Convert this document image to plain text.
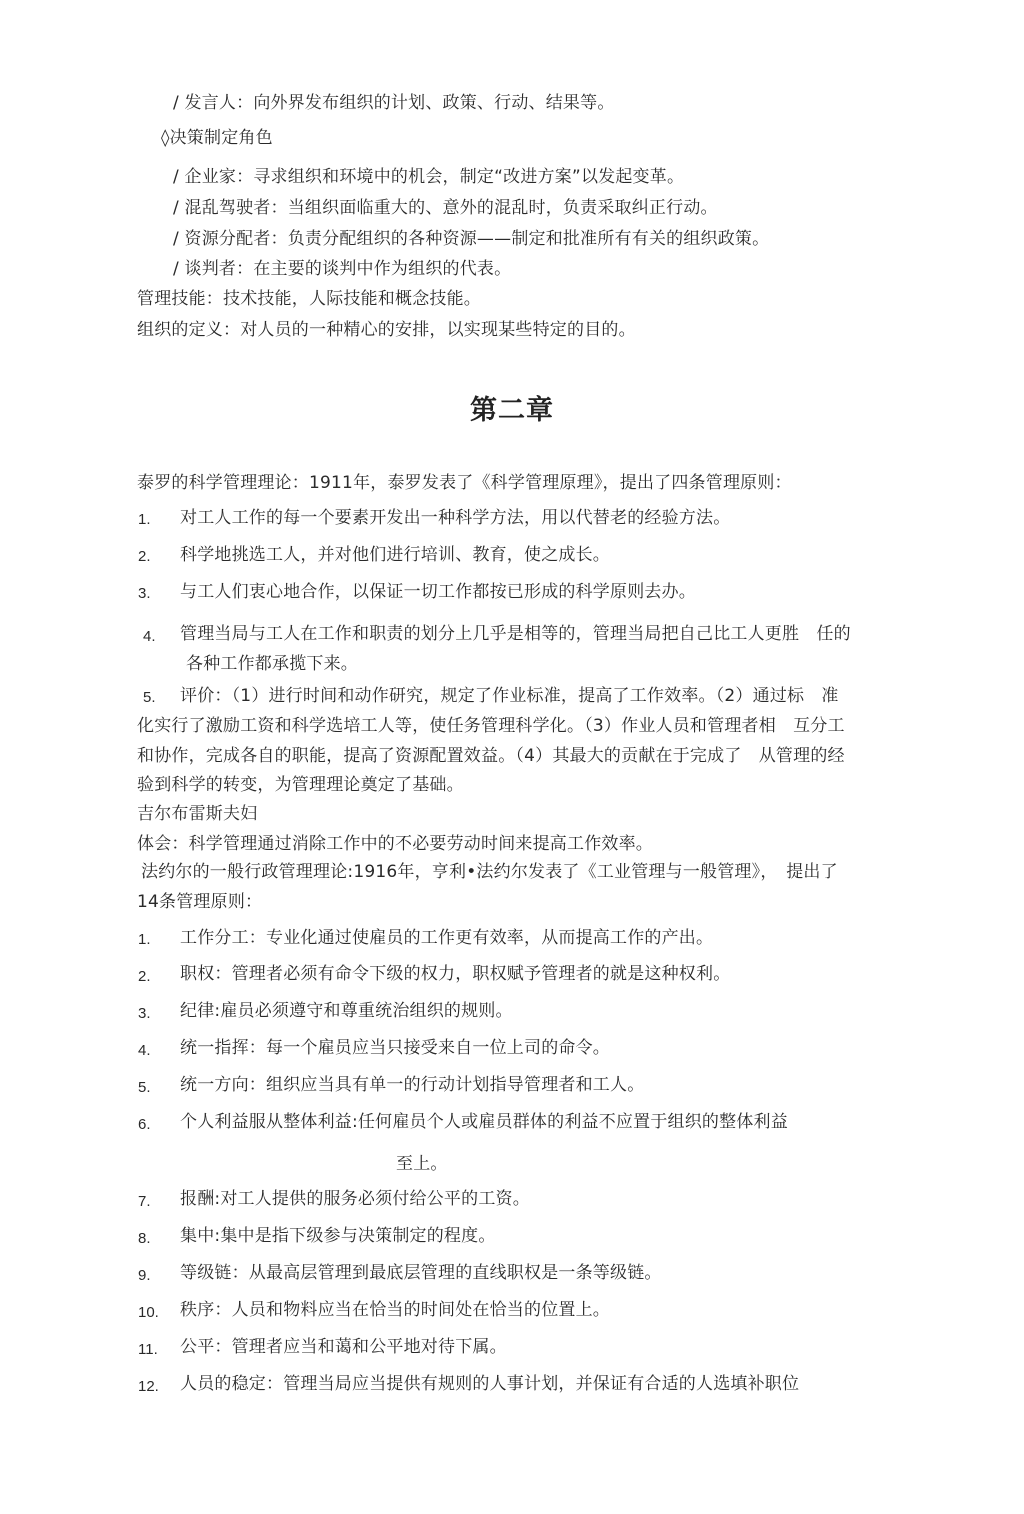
/ 发言人：向外界发布组织的计划、政策、行动、结果等。
◊决策制定角色
/ 企业家：寻求组织和环境中的机会，制定“改进方案”以发起变革。
/ 混乱驾驶者：当组织面临重大的、意外的混乱时，负责采取纠正行动。
/ 资源分配者：负责分配组织的各种资源——制定和批准所有有关的组织政策。
/ 谈判者：在主要的谈判中作为组织的代表。
管理技能：技术技能，人际技能和概念技能。
组织的定义：对人员的一种精心的安排，以实现某些特定的目的。
第二章
泰罗的科学管理理论：1911年，泰罗发表了《科学管理原理》，提出了四条管理原则：
1. 对工人工作的每一个要素开发出一种科学方法，用以代替老的经验方法。
2. 科学地挑选工人，并对他们进行培训、教育，使之成长。
3. 与工人们衷心地合作，以保证一切工作都按已形成的科学原则去办。
4. 管理当局与工人在工作和职责的划分上几乎是相等的，管理当局把自己比工人更胜　任的
各种工作都承揽下来。
5. 评价：（1）进行时间和动作研究，规定了作业标准，提高了工作效率。（2）通过标　准
化实行了激励工资和科学选培工人等，使任务管理科学化。（3）作业人员和管理者相　互分工
和协作，完成各自的职能，提高了资源配置效益。（4）其最大的贡献在于完成了　从管理的经
验到科学的转变，为管理理论奠定了基础。
吉尔布雷斯夫妇
体会：科学管理通过消除工作中的不必要劳动时间来提高工作效率。
法约尔的一般行政管理理论:1916年，亨利•法约尔发表了《工业管理与一般管理》，　提出了
14条管理原则：
1. 工作分工：专业化通过使雇员的工作更有效率，从而提高工作的产出。
2. 职权：管理者必须有命令下级的权力，职权赋予管理者的就是这种权利。
3. 纪律:雇员必须遵守和尊重统治组织的规则。
4. 统一指挥：每一个雇员应当只接受来自一位上司的命令。
5. 统一方向：组织应当具有单一的行动计划指导管理者和工人。
6. 个人利益服从整体利益:任何雇员个人或雇员群体的利益不应置于组织的整体利益
至上。
7. 报酬:对工人提供的服务必须付给公平的工资。
8. 集中:集中是指下级参与决策制定的程度。
9. 等级链：从最高层管理到最底层管理的直线职权是一条等级链。
10. 秩序：人员和物料应当在恰当的时间处在恰当的位置上。
11. 公平：管理者应当和蔼和公平地对待下属。
12. 人员的稳定：管理当局应当提供有规则的人事计划，并保证有合适的人选填补职位
